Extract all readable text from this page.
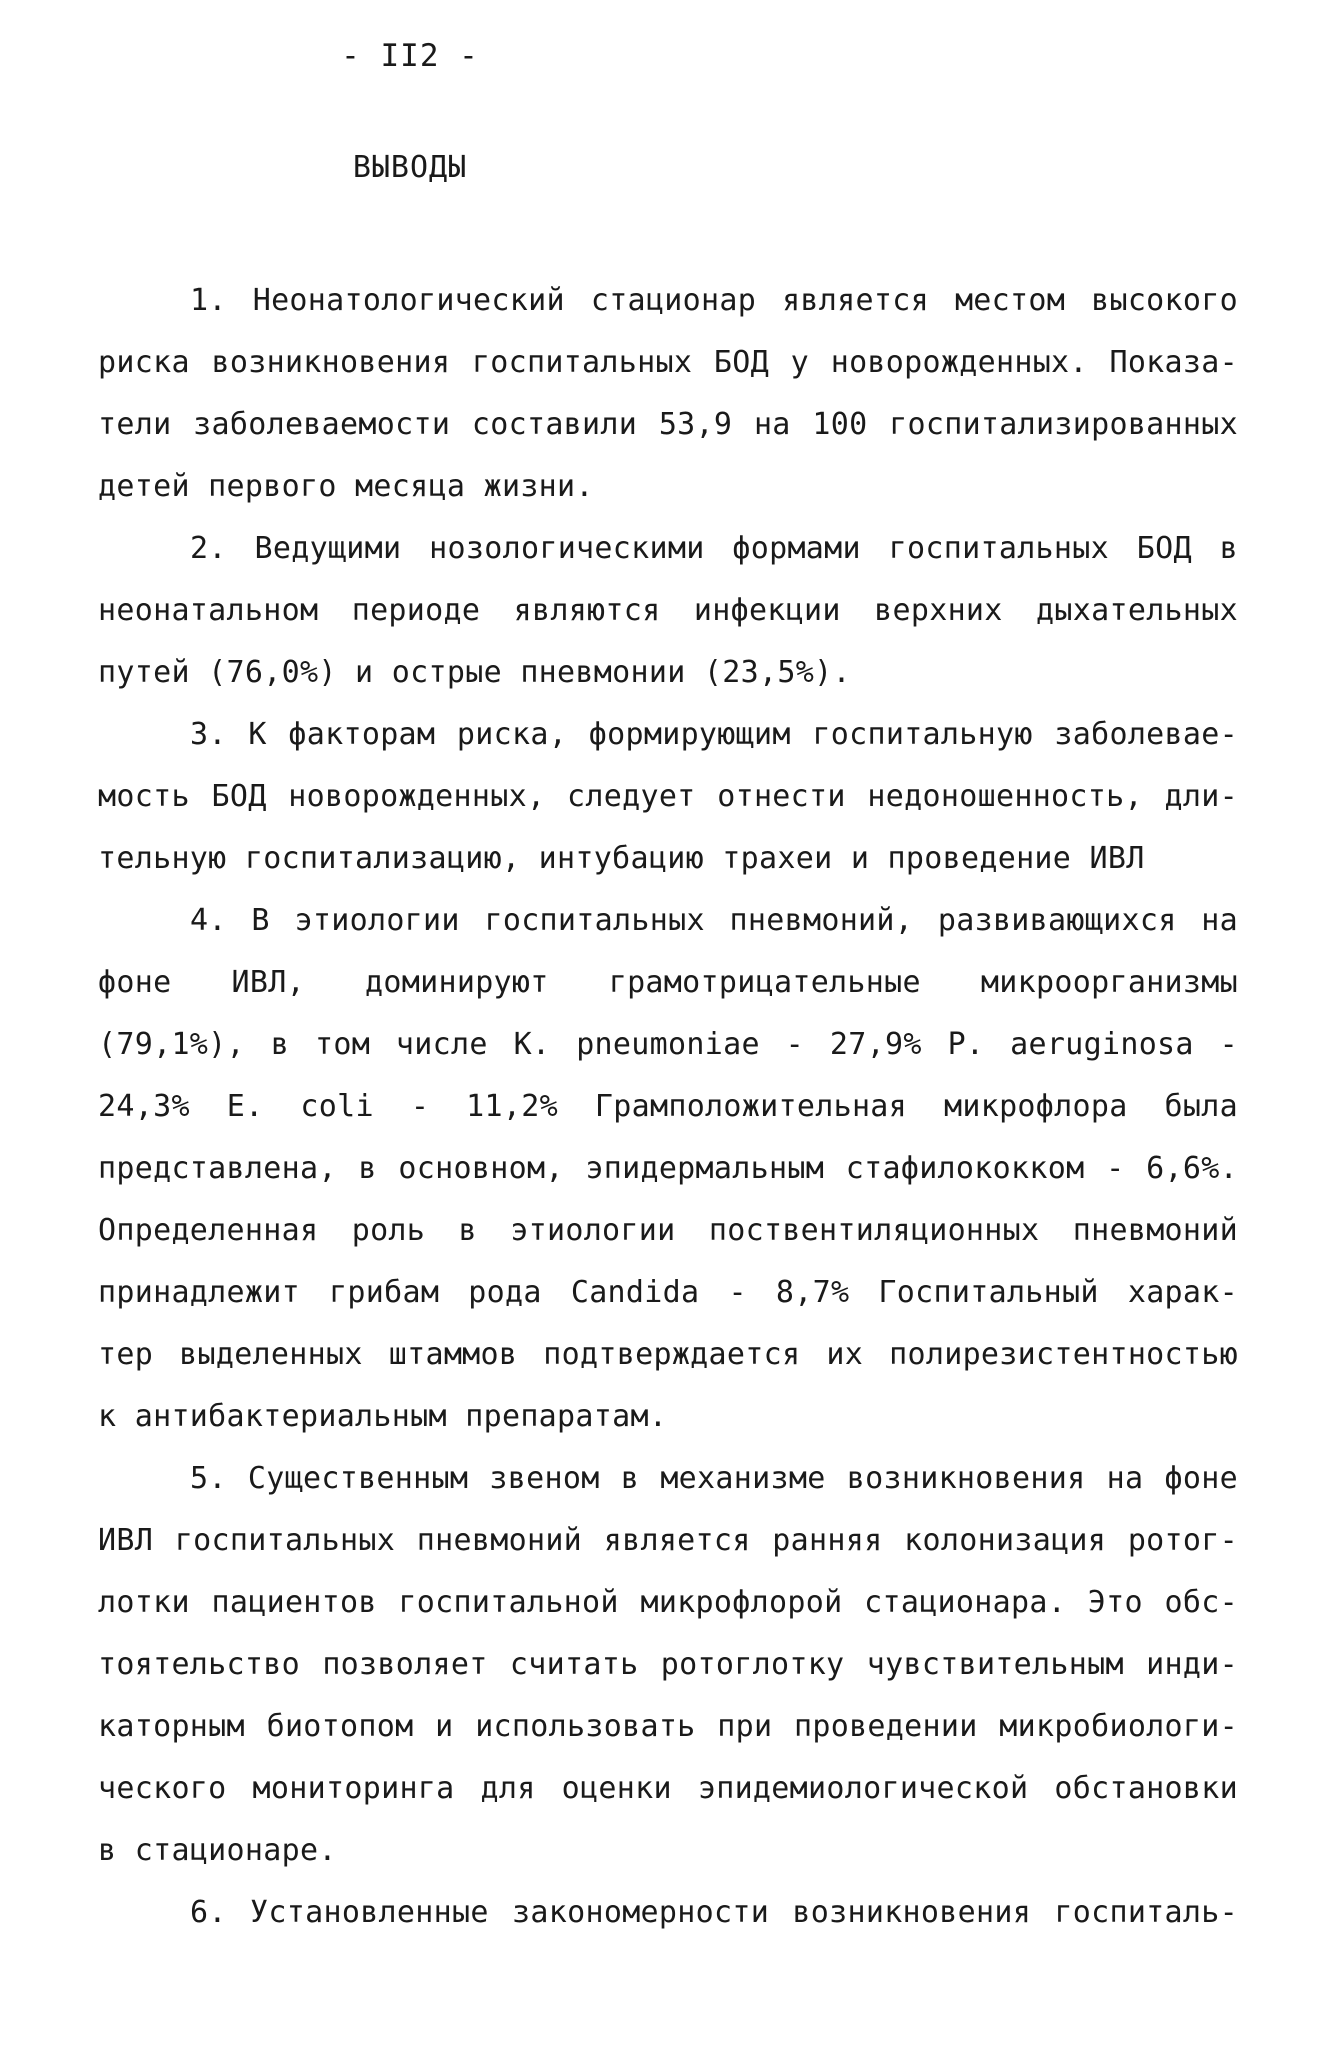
- II2 -
ВЫВОДЫ
1. Неонатологический стационар является местом высокого
риска возникновения госпитальных БОД у новорожденных. Показа-
тели заболеваемости составили 53,9 на 100 госпитализированных
детей первого месяца жизни.
2. Ведущими нозологическими формами госпитальных БОД в
неонатальном периоде являются инфекции верхних дыхательных
путей (76,0%) и острые пневмонии (23,5%).
3. К факторам риска, формирующим госпитальную заболевае-
мость БОД новорожденных, следует отнести недоношенность, дли-
тельную госпитализацию, интубацию трахеи и проведение ИВЛ
4. В этиологии госпитальных пневмоний, развивающихся на
фоне ИВЛ, доминируют грамотрицательные микроорганизмы
(79,1%), в том числе K. pneumoniae - 27,9% P. aeruginosa -
24,3% E. coli - 11,2% Грамположительная микрофлора была
представлена, в основном, эпидермальным стафилококком - 6,6%.
Определенная роль в этиологии поствентиляционных пневмоний
принадлежит грибам рода Candida - 8,7% Госпитальный харак-
тер выделенных штаммов подтверждается их полирезистентностью
к антибактериальным препаратам.
5. Существенным звеном в механизме возникновения на фоне
ИВЛ госпитальных пневмоний является ранняя колонизация ротог-
лотки пациентов госпитальной микрофлорой стационара. Это обс-
тоятельство позволяет считать ротоглотку чувствительным инди-
каторным биотопом и использовать при проведении микробиологи-
ческого мониторинга для оценки эпидемиологической обстановки
в стационаре.
6. Установленные закономерности возникновения госпиталь-
